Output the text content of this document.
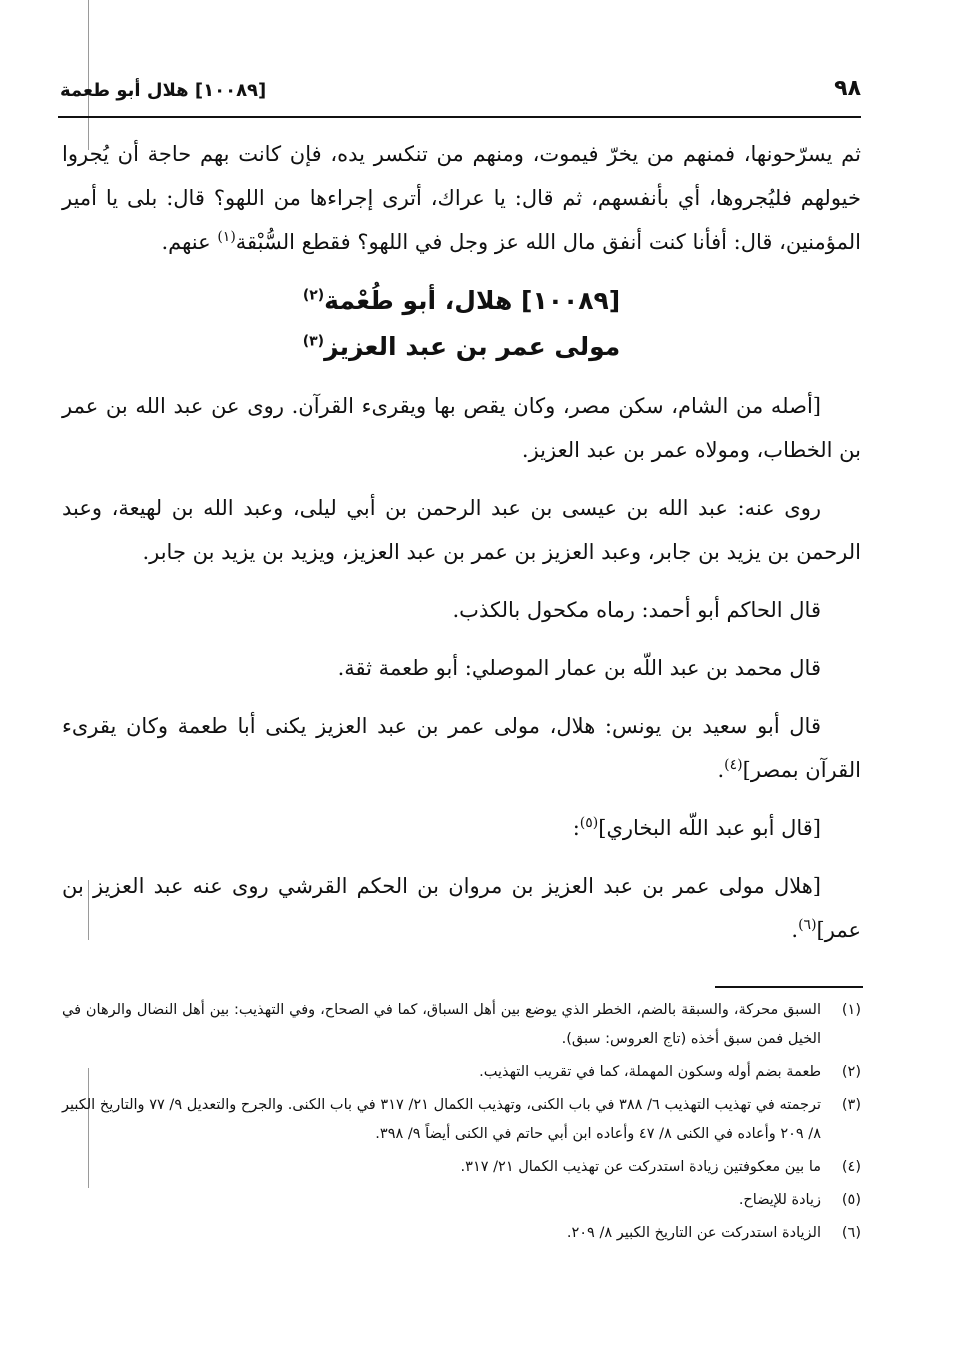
٩٨
[١٠٠٨٩] هلال أبو طعمة

ثم يسرّحونها، فمنهم من يخرّ فيموت، ومنهم من تنكسر يده، فإن كانت بهم حاجة أن يُجروا خيولهم فليُجروها، أي بأنفسهم، ثم قال: يا عراك، أترى إجراءها من اللهو؟ قال: بلى يا أمير المؤمنين، قال: أفأنا كنت أنفق مال الله عز وجل في اللهو؟ فقطع السُّبْقة$^{(١)}$ عنهم.

[١٠٠٨٩] هلال، أبو طُعْمة$^{(٢)}$
مولى عمر بن عبد العزيز$^{(٣)}$

[أصله من الشام، سكن مصر، وكان يقص بها ويقرىء القرآن. روى عن عبد الله بن عمر بن الخطاب، ومولاه عمر بن عبد العزيز.

روى عنه: عبد الله بن عيسى بن عبد الرحمن بن أبي ليلى، وعبد الله بن لهيعة، وعبد الرحمن بن يزيد بن جابر، وعبد العزيز بن عمر بن عبد العزيز، ويزيد بن يزيد بن جابر.

قال الحاكم أبو أحمد: رماه مكحول بالكذب.

قال محمد بن عبد اللّه بن عمار الموصلي: أبو طعمة ثقة.

قال أبو سعيد بن يونس: هلال، مولى عمر بن عبد العزيز يكنى أبا طعمة وكان يقرىء القرآن بمصر]$^{(٤)}$.

[قال أبو عبد اللّه البخاري]$^{(٥)}$:

[هلال مولى عمر بن عبد العزيز بن مروان بن الحكم القرشي روى عنه عبد العزيز بن عمر]$^{(٦)}$.

(١)
السبق محركة، والسبقة بالضم، الخطر الذي يوضع بين أهل السباق، كما في الصحاح، وفي التهذيب: بين أهل النضال والرهان في الخيل فمن سبق أخذه (تاج العروس: سبق).
(٢)
طعمة بضم أوله وسكون المهملة، كما في تقريب التهذيب.
(٣)
ترجمته في تهذيب التهذيب ٦/ ٣٨٨ في باب الكنى، وتهذيب الكمال ٢١/ ٣١٧ في باب الكنى. والجرح والتعديل ٩/ ٧٧ والتاريخ الكبير ٨/ ٢٠٩ وأعاده في الكنى ٨/ ٤٧ وأعاده ابن أبي حاتم في الكنى أيضاً ٩/ ٣٩٨.
(٤)
ما بين معكوفتين زيادة استدركت عن تهذيب الكمال ٢١/ ٣١٧.
(٥)
زيادة للإيضاح.
(٦)
الزيادة استدركت عن التاريخ الكبير ٨/ ٢٠٩.
